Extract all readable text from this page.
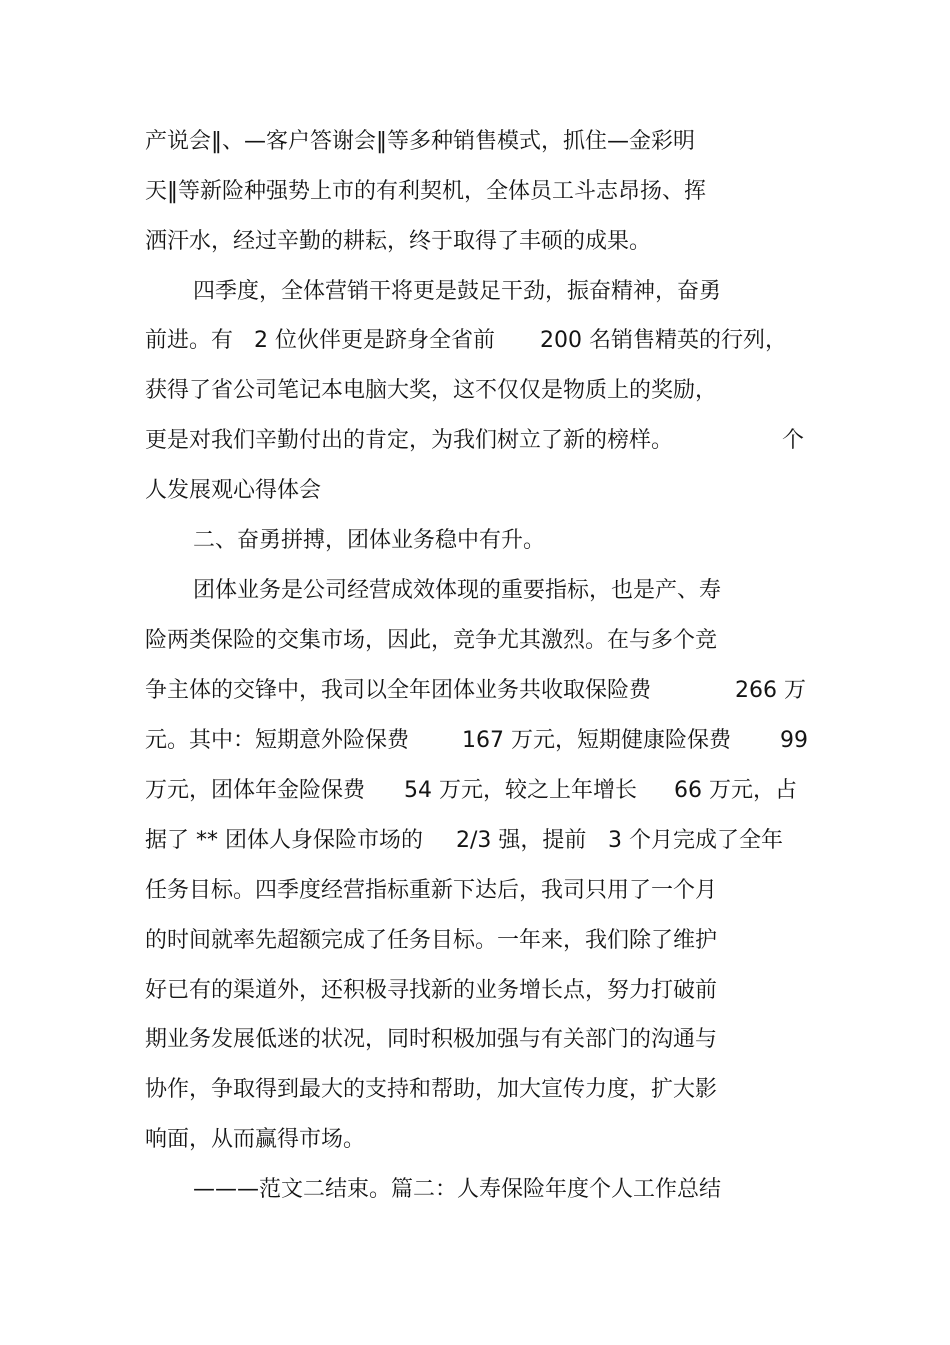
产说会‖、—客户答谢会‖等多种销售模式，抓住—金彩明

天‖等新险种强势上市的有利契机，全体员工斗志昂扬、挥

洒汗水，经过辛勤的耕耘，终于取得了丰硕的成果。

四季度，全体营销干将更是鼓足干劲，振奋精神，奋勇

前进。有

2 位伙伴更是跻身全省前

200 名销售精英的行列，

获得了省公司笔记本电脑大奖，这不仅仅是物质上的奖励，

更是对我们辛勤付出的肯定，为我们树立了新的榜样。

	个

人发展观心得体会

二、奋勇拼搏，团体业务稳中有升。

团体业务是公司经营成效体现的重要指标，也是产、寿

险两类保险的交集市场，因此，竞争尤其激烈。在与多个竞

争主体的交锋中，我司以全年团体业务共收取保险费

	266 万

元。其中：短期意外险保费

167 万元，短期健康险保费

99

万元，团体年金险保费

54 万元，较之上年增长

66 万元，占

据了 ** 团体人身保险市场的

2/3 强，提前

3 个月完成了全年

任务目标。四季度经营指标重新下达后，我司只用了一个月

的时间就率先超额完成了任务目标。一年来，我们除了维护

好已有的渠道外，还积极寻找新的业务增长点，努力打破前

期业务发展低迷的状况，同时积极加强与有关部门的沟通与

协作，争取得到最大的支持和帮助，加大宣传力度，扩大影

响面，从而赢得市场。

———范文二结束。篇二：人寿保险年度个人工作总结
